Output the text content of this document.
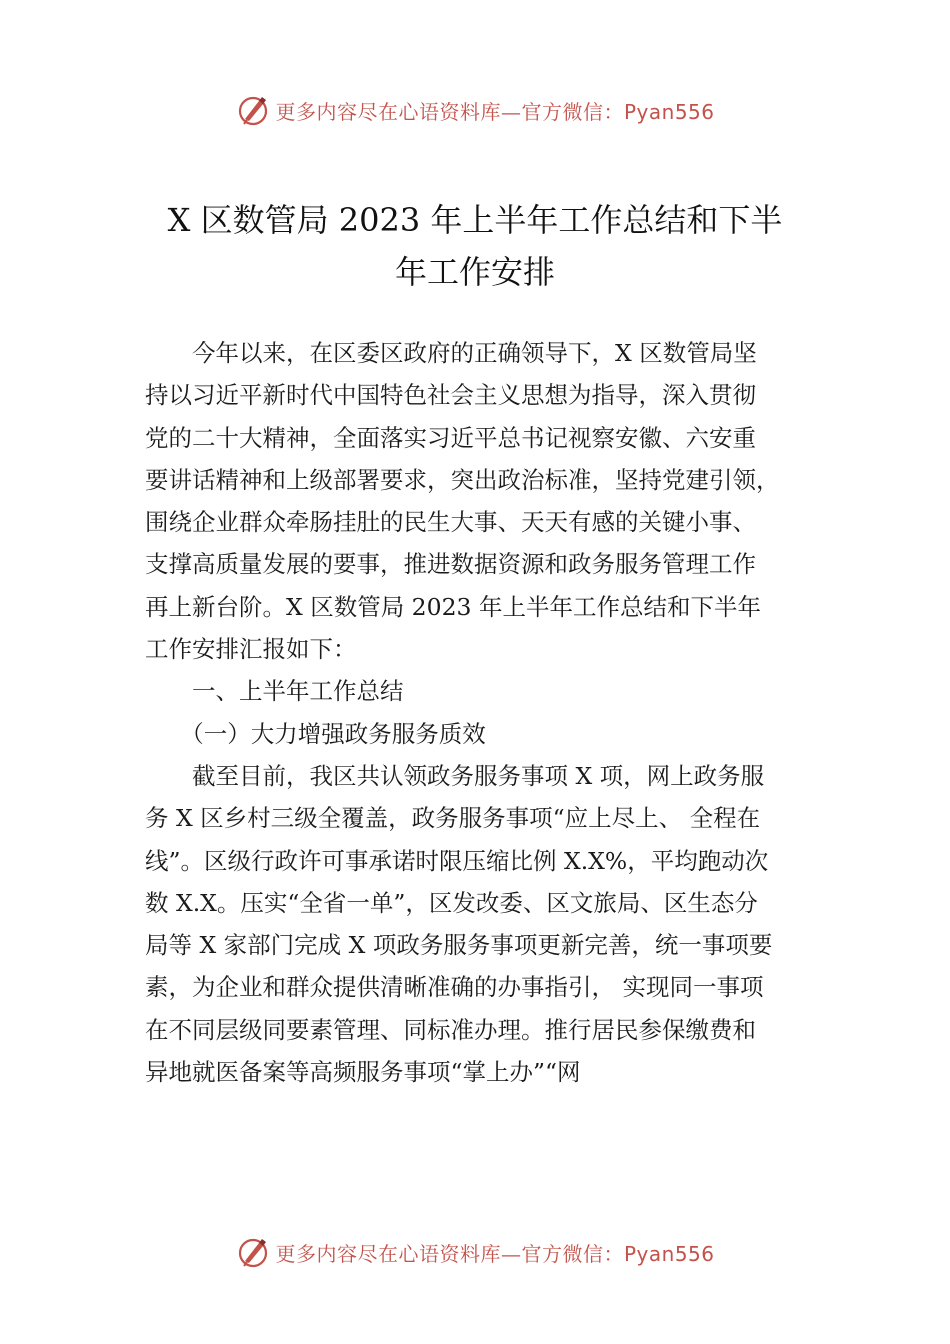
更多内容尽在心语资料库—官方微信：Pyan556
X 区数管局 2023 年上半年工作总结和下半
年工作安排
　　今年以来，在区委区政府的正确领导下，X 区数管局坚
持以习近平新时代中国特色社会主义思想为指导，深入贯彻
党的二十大精神，全面落实习近平总书记视察安徽、六安重
要讲话精神和上级部署要求，突出政治标准，坚持党建引领，
围绕企业群众牵肠挂肚的民生大事、天天有感的关键小事、
支撑高质量发展的要事，推进数据资源和政务服务管理工作
再上新台阶。X 区数管局 2023 年上半年工作总结和下半年
工作安排汇报如下：
　　一、上半年工作总结
　　（一）大力增强政务服务质效
　　截至目前，我区共认领政务服务事项 X 项，网上政务服
务 X 区乡村三级全覆盖，政务服务事项“应上尽上、 全程在
线”。区级行政许可事承诺时限压缩比例 X.X%，平均跑动次
数 X.X。压实“全省一单”，区发改委、区文旅局、区生态分
局等 X 家部门完成 X 项政务服务事项更新完善，统一事项要
素，为企业和群众提供清晰准确的办事指引， 实现同一事项
在不同层级同要素管理、同标准办理。推行居民参保缴费和
异地就医备案等高频服务事项“掌上办”“网
更多内容尽在心语资料库—官方微信：Pyan556
